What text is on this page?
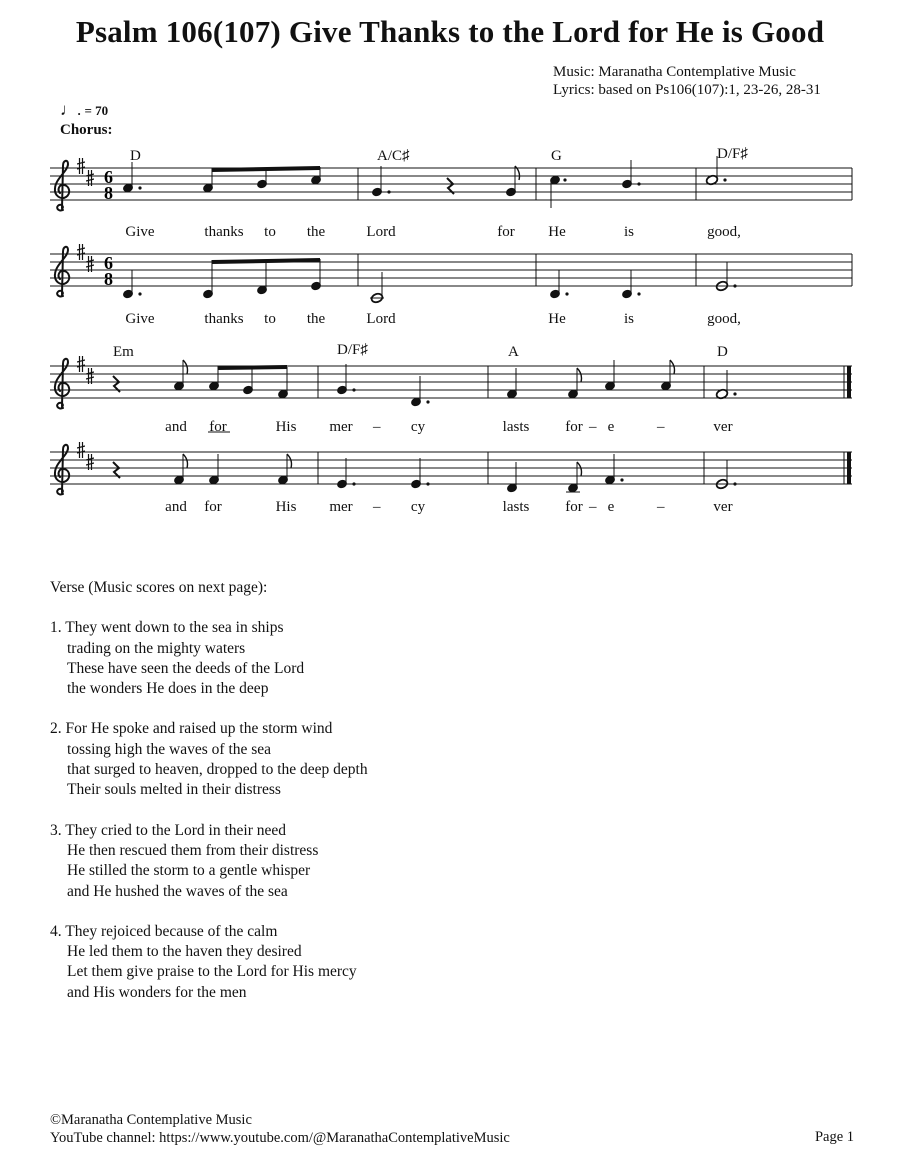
Psalm 106(107) Give Thanks to the Lord for He is Good
Music: Maranatha Contemplative Music
Lyrics: based on Ps106(107):1, 23-26, 28-31
♩. = 70
Chorus:
6
8
6
8
D	A/C♯	G	D/F♯
Give	thanks to the	Lord	for He	is	good,
Give	thanks to the	Lord	He	is	good,
Em	D/F♯	A	D
and for	His mer – cy	lasts for – e	–	ver
and for	His mer – cy	lasts for – e	–	ver
Verse (Music scores on next page):
1. They went down to the sea in ships
trading on the mighty waters
These have seen the deeds of the Lord
the wonders He does in the deep
2. For He spoke and raised up the storm wind
tossing high the waves of the sea
that surged to heaven, dropped to the deep depth
Their souls melted in their distress
3. They cried to the Lord in their need
He then rescued them from their distress
He stilled the storm to a gentle whisper
and He hushed the waves of the sea
4. They rejoiced because of the calm
He led them to the haven they desired
Let them give praise to the Lord for His mercy
and His wonders for the men
©Maranatha Contemplative Music
YouTube channel: https://www.youtube.com/@MaranathaContemplativeMusic	Page 1
